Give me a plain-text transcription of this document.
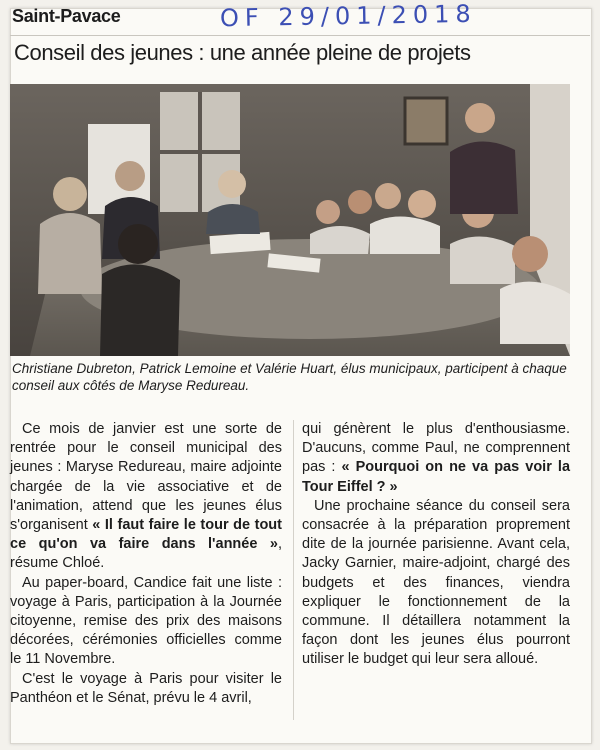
Saint-Pavace	OF 29/01/2018
Conseil des jeunes : une année pleine de projets
Christiane Dubreton, Patrick Lemoine et Valérie Huart, élus municipaux, participent à chaque conseil aux côtés de Maryse Redureau.

Ce mois de janvier est une sorte de rentrée pour le conseil municipal des jeunes : Maryse Redureau, maire adjointe chargée de la vie associative et de l'animation, attend que les jeunes élus s'organisent « Il faut faire le tour de tout ce qu'on va faire dans l'année », résume Chloé.

Au paper-board, Candice fait une liste : voyage à Paris, participation à la Journée citoyenne, remise des prix des maisons décorées, cérémonies officielles comme le 11 Novembre.

C'est le voyage à Paris pour visiter le Panthéon et le Sénat, prévu le 4 avril,

qui génèrent le plus d'enthousiasme. D'aucuns, comme Paul, ne comprennent pas : « Pourquoi on ne va pas voir la Tour Eiffel ? »

Une prochaine séance du conseil sera consacrée à la préparation proprement dite de la journée parisienne. Avant cela, Jacky Garnier, maire-adjoint, chargé des budgets et des finances, viendra expliquer le fonctionnement de la commune. Il détaillera notamment la façon dont les jeunes élus pourront utiliser le budget qui leur sera alloué.
